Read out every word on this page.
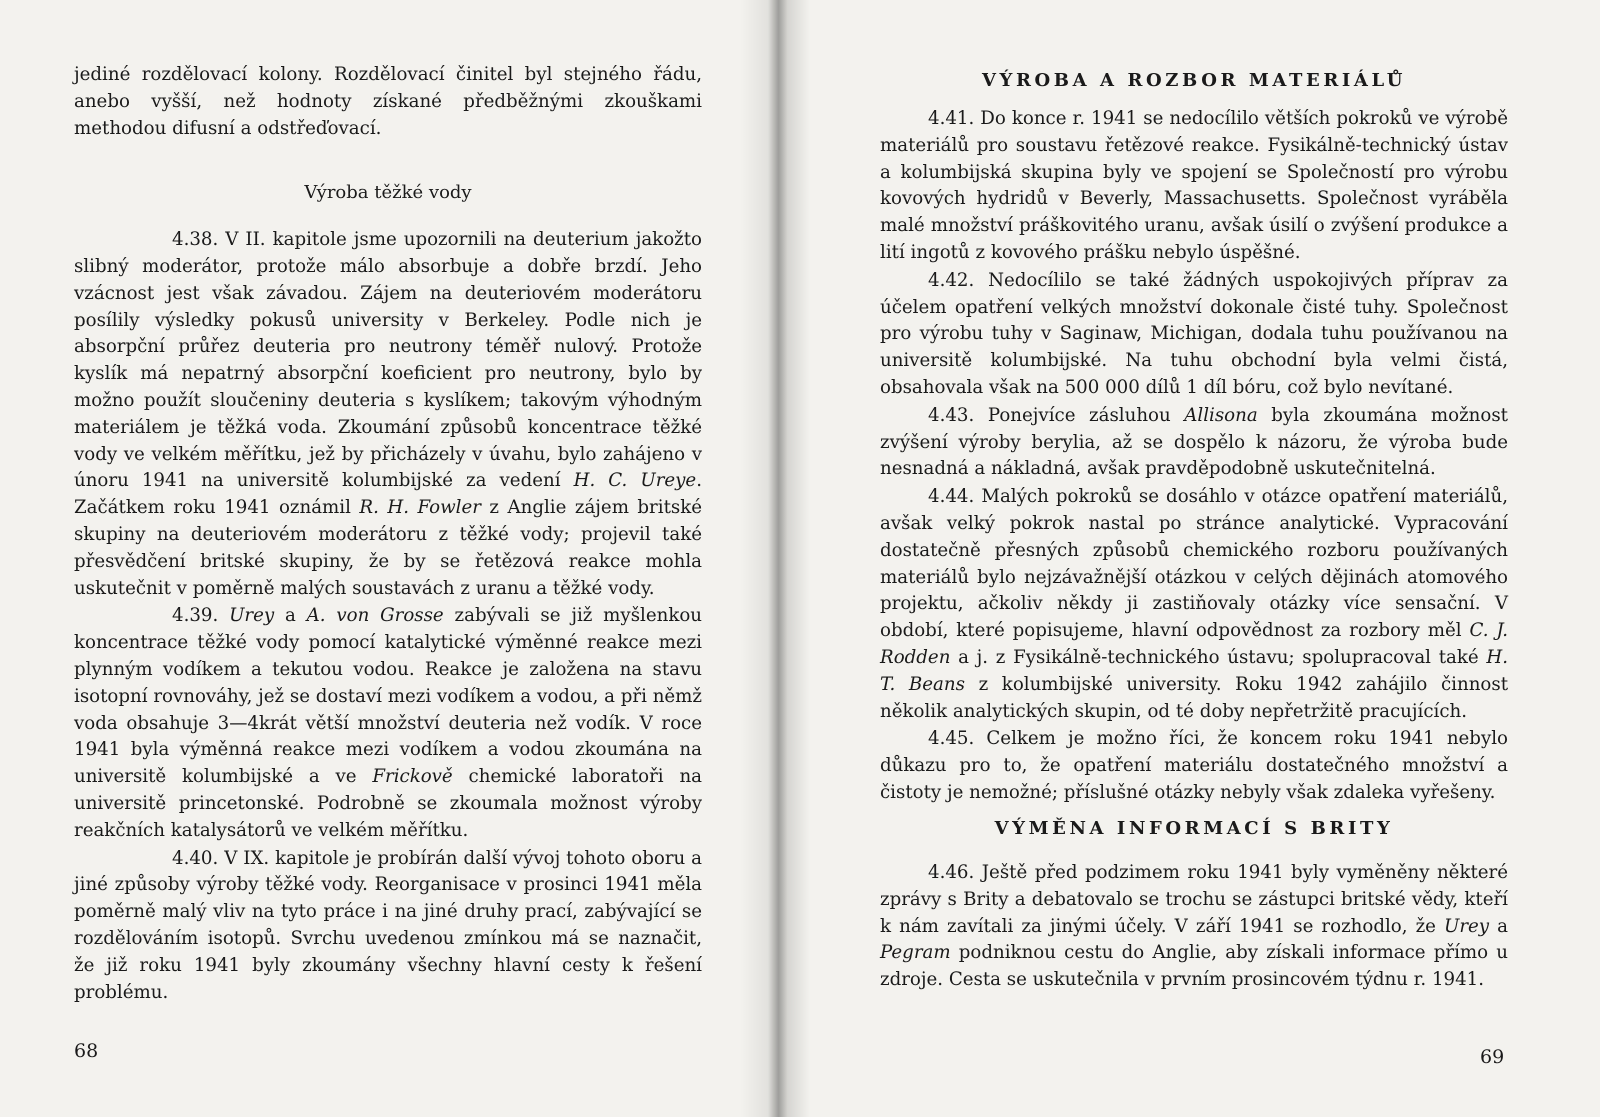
jediné rozdělovací kolony. Rozdělovací činitel byl stejného řádu, anebo vyšší, než hodnoty získané předběžnými zkouškami methodou difusní a odstřeďovací.

Výroba těžké vody

4.38. V II. kapitole jsme upozornili na deuterium jakožto slibný moderátor, protože málo absorbuje a dobře brzdí. Jeho vzácnost jest však závadou. Zájem na deuteriovém moderátoru posílily výsledky pokusů university v Berkeley. Podle nich je absorpční průřez deuteria pro neutrony téměř nulový. Protože kyslík má nepatrný absorpční koeficient pro neutrony, bylo by možno použít sloučeniny deuteria s kyslíkem; takovým výhodným materiálem je těžká voda. Zkoumání způsobů koncentrace těžké vody ve velkém měřítku, jež by přicházely v úvahu, bylo zahájeno v únoru 1941 na universitě kolumbijské za vedení H. C. Ureye. Začátkem roku 1941 oznámil R. H. Fowler z Anglie zájem britské skupiny na deuteriovém moderátoru z těžké vody; projevil také přesvědčení britské skupiny, že by se řetězová reakce mohla uskutečnit v poměrně malých soustavách z uranu a těžké vody.

4.39. Urey a A. von Grosse zabývali se již myšlenkou koncentrace těžké vody pomocí katalytické výměnné reakce mezi plynným vodíkem a tekutou vodou. Reakce je založena na stavu isotopní rovnováhy, jež se dostaví mezi vodíkem a vodou, a při němž voda obsahuje 3—4krát větší množství deuteria než vodík. V roce 1941 byla výměnná reakce mezi vodíkem a vodou zkoumána na universitě kolumbijské a ve Frickově chemické laboratoři na universitě princetonské. Podrobně se zkoumala možnost výroby reakčních katalysátorů ve velkém měřítku.

4.40. V IX. kapitole je probírán další vývoj tohoto oboru a jiné způsoby výroby těžké vody. Reorganisace v prosinci 1941 měla poměrně malý vliv na tyto práce i na jiné druhy prací, zabývající se rozdělováním isotopů. Svrchu uvedenou zmínkou má se naznačit, že již roku 1941 byly zkoumány všechny hlavní cesty k řešení problému.

68
VÝROBA A ROZBOR MATERIÁLŮ

4.41. Do konce r. 1941 se nedocílilo větších pokroků ve výrobě materiálů pro soustavu řetězové reakce. Fysikálně-technický ústav a kolumbijská skupina byly ve spojení se Společností pro výrobu kovových hydridů v Beverly, Massachusetts. Společnost vyráběla malé množství práškovitého uranu, avšak úsilí o zvýšení produkce a lití ingotů z kovového prášku nebylo úspěšné.

4.42. Nedocílilo se také žádných uspokojivých příprav za účelem opatření velkých množství dokonale čisté tuhy. Společnost pro výrobu tuhy v Saginaw, Michigan, dodala tuhu používanou na universitě kolumbijské. Na tuhu obchodní byla velmi čistá, obsahovala však na 500 000 dílů 1 díl bóru, což bylo nevítané.

4.43. Ponejvíce zásluhou Allisona byla zkoumána možnost zvýšení výroby berylia, až se dospělo k názoru, že výroba bude nesnadná a nákladná, avšak pravděpodobně uskutečnitelná.

4.44. Malých pokroků se dosáhlo v otázce opatření materiálů, avšak velký pokrok nastal po stránce analytické. Vypracování dostatečně přesných způsobů chemického rozboru používaných materiálů bylo nejzávažnější otázkou v celých dějinách atomového projektu, ačkoliv někdy ji zastiňovaly otázky více sensační. V období, které popisujeme, hlavní odpovědnost za rozbory měl C. J. Rodden a j. z Fysikálně-technického ústavu; spolupracoval také H. T. Beans z kolumbijské university. Roku 1942 zahájilo činnost několik analytických skupin, od té doby nepřetržitě pracujících.

4.45. Celkem je možno říci, že koncem roku 1941 nebylo důkazu pro to, že opatření materiálu dostatečného množství a čistoty je nemožné; příslušné otázky nebyly však zdaleka vyřešeny.

VÝMĚNA INFORMACÍ S BRITY

4.46. Ještě před podzimem roku 1941 byly vyměněny některé zprávy s Brity a debatovalo se trochu se zástupci britské vědy, kteří k nám zavítali za jinými účely. V září 1941 se rozhodlo, že Urey a Pegram podniknou cestu do Anglie, aby získali informace přímo u zdroje. Cesta se uskutečnila v prvním prosincovém týdnu r. 1941.

69
